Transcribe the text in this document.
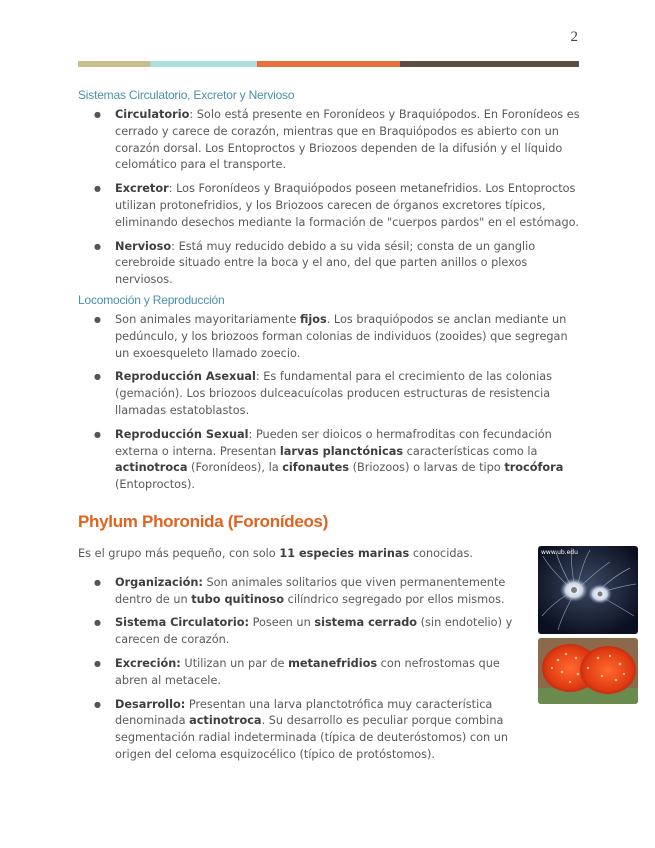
2
Sistemas Circulatorio, Excretor y Nervioso
● Circulatorio: Solo está presente en Foronídeos y Braquiópodos. En Foronídeos es cerrado y carece de corazón, mientras que en Braquiópodos es abierto con un corazón dorsal. Los Entoproctos y Briozoos dependen de la difusión y el líquido celomático para el transporte.
● Excretor: Los Foronídeos y Braquiópodos poseen metanefridios. Los Entoproctos utilizan protonefridios, y los Briozoos carecen de órganos excretores típicos, eliminando desechos mediante la formación de "cuerpos pardos" en el estómago.
● Nervioso: Está muy reducido debido a su vida sésil; consta de un ganglio cerebroide situado entre la boca y el ano, del que parten anillos o plexos nerviosos.
Locomoción y Reproducción
● Son animales mayoritariamente fijos. Los braquiópodos se anclan mediante un pedúnculo, y los briozoos forman colonias de individuos (zooides) que segregan un exoesqueleto llamado zoecio.
● Reproducción Asexual: Es fundamental para el crecimiento de las colonias (gemación). Los briozoos dulceacuícolas producen estructuras de resistencia llamadas estatoblastos.
● Reproducción Sexual: Pueden ser dioicos o hermafroditas con fecundación externa o interna. Presentan larvas planctónicas características como la actinotroca (Foronídeos), la cifonautes (Briozoos) o larvas de tipo trocófora (Entoproctos).
Phylum Phoronida (Foronídeos)

Es el grupo más pequeño, con solo 11 especies marinas conocidas.

● Organización: Son animales solitarios que viven permanentemente dentro de un tubo quitinoso cilíndrico segregado por ellos mismos.
● Sistema Circulatorio: Poseen un sistema cerrado (sin endotelio) y carecen de corazón.
● Excreción: Utilizan un par de metanefridios con nefrostomas que abren al metacele.
● Desarrollo: Presentan una larva planctotrófica muy característica denominada actinotroca. Su desarrollo es peculiar porque combina segmentación radial indeterminada (típica de deuteróstomos) con un origen del celoma esquizocélico (típico de protóstomos).
www.ub.edu
